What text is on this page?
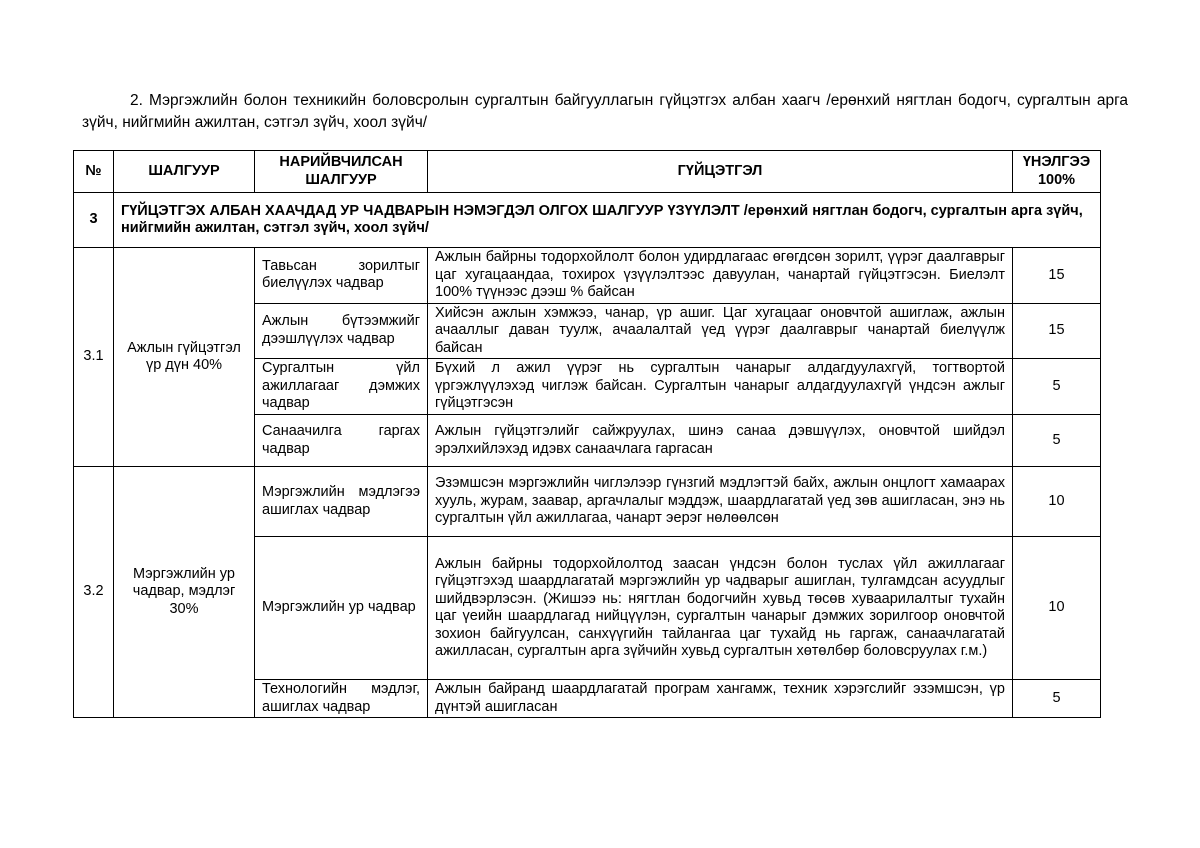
2. Мэргэжлийн болон техникийн боловсролын сургалтын байгууллагын гүйцэтгэх албан хаагч /ерөнхий нягтлан бодогч, сургалтын арга зүйч, нийгмийн ажилтан, сэтгэл зүйч, хоол зүйч/

№	ШАЛГУУР	НАРИЙВЧИЛСАН ШАЛГУУР	ГҮЙЦЭТГЭЛ	ҮНЭЛГЭЭ 100%
3	ГҮЙЦЭТГЭХ АЛБАН ХААЧДАД УР ЧАДВАРЫН НЭМЭГДЭЛ ОЛГОХ ШАЛГУУР ҮЗҮҮЛЭЛТ /ерөнхий нягтлан бодогч, сургалтын арга зүйч, нийгмийн ажилтан, сэтгэл зүйч, хоол зүйч/			
3.1	Ажлын гүйцэтгэл үр дүн 40%	Тавьсан зорилтыг биелүүлэх чадвар	Ажлын байрны тодорхойлолт болон удирдлагаас өгөгдсөн зорилт, үүрэг даалгаврыг цаг хугацаандаа, тохирох үзүүлэлтээс давуулан, чанартай гүйцэтгэсэн. Биелэлт 100% түүнээс дээш % байсан	15
		Ажлын бүтээмжийг дээшлүүлэх чадвар	Хийсэн ажлын хэмжээ, чанар, үр ашиг. Цаг хугацааг оновчтой ашиглаж, ажлын ачааллыг даван туулж, ачаалалтай үед үүрэг даалгаврыг чанартай биелүүлж байсан	15
		Сургалтын үйл ажиллагааг дэмжих чадвар	Бүхий л ажил үүрэг нь сургалтын чанарыг алдагдуулахгүй, тогтвортой үргэжлүүлэхэд чиглэж байсан. Сургалтын чанарыг алдагдуулахгүй үндсэн ажлыг гүйцэтгэсэн	5
		Санаачилга гаргах чадвар	Ажлын гүйцэтгэлийг сайжруулах, шинэ санаа дэвшүүлэх, оновчтой шийдэл эрэлхийлэхэд идэвх санаачлага гаргасан	5
3.2	Мэргэжлийн ур чадвар, мэдлэг 30%	Мэргэжлийн мэдлэгээ ашиглах чадвар	Эзэмшсэн мэргэжлийн чиглэлээр гүнзгий мэдлэгтэй байх, ажлын онцлогт хамаарах хууль, журам, заавар, аргачлалыг мэддэж, шаардлагатай үед зөв ашигласан, энэ нь сургалтын үйл ажиллагаа, чанарт эерэг нөлөөлсөн	10
		Мэргэжлийн ур чадвар	Ажлын байрны тодорхойлолтод заасан үндсэн болон туслах үйл ажиллагааг гүйцэтгэхэд шаардлагатай мэргэжлийн ур чадварыг ашиглан, тулгамдсан асуудлыг шийдвэрлэсэн. (Жишээ нь: нягтлан бодогчийн хувьд төсөв хуваарилалтыг тухайн цаг үеийн шаардлагад нийцүүлэн, сургалтын чанарыг дэмжих зорилгоор оновчтой зохион байгуулсан, санхүүгийн тайлангаа цаг тухайд нь гаргаж, санаачлагатай ажилласан, сургалтын арга зүйчийн хувьд сургалтын хөтөлбөр боловсруулах г.м.)	10
		Технологийн мэдлэг, ашиглах чадвар	Ажлын байранд шаардлагатай програм хангамж, техник хэрэгслийг эзэмшсэн, үр дүнтэй ашигласан	5
